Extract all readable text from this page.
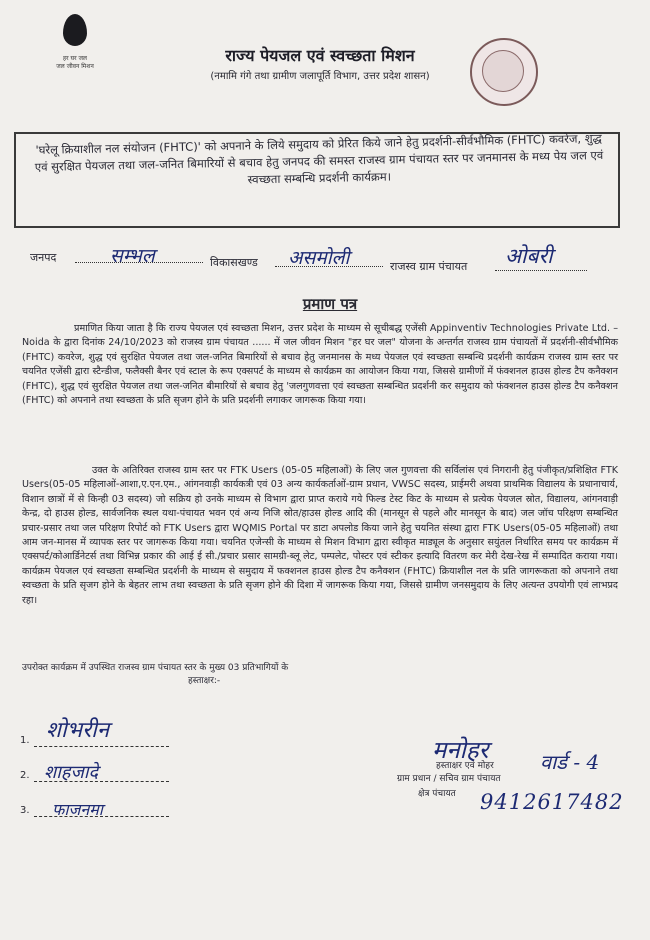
हर घर जल
जल जीवन मिशन
राज्य पेयजल एवं स्वच्छता मिशन
(नमामि गंगे तथा ग्रामीण जलापूर्ति विभाग, उत्तर प्रदेश शासन)
'घरेलू क्रियाशील नल संयोजन (FHTC)' को अपनाने के लिये समुदाय को प्रेरित किये जाने हेतु प्रदर्शनी-सीर्वभौमिक (FHTC) कवरेज, शुद्ध एवं सुरक्षित पेयजल तथा जल-जनित बिमारियों से बचाव हेतु जनपद की समस्त राजस्व ग्राम पंचायत स्तर पर जनमानस के मध्य पेय जल एवं स्वच्छता सम्बन्धि प्रदर्शनी कार्यक्रम।
जनपद	सम्भल	विकासखण्ड असमोली	राजस्व ग्राम पंचायत ओबरी
प्रमाण पत्र
प्रमाणित किया जाता है कि राज्य पेयजल एवं स्वच्छता मिशन, उत्तर प्रदेश के माध्यम से सूचीबद्ध एजेंसी Appinventiv Technologies Private Ltd. – Noida के द्वारा दिनांक 24/10/2023 को राजस्व ग्राम पंचायत ...... में जल जीवन मिशन "हर घर जल" योजना के अन्तर्गत राजस्व ग्राम पंचायतों में प्रदर्शनी-सीर्वभौमिक (FHTC) कवरेज, शुद्ध एवं सुरक्षित पेयजल तथा जल-जनित बिमारियों से बचाव हेतु जनमानस के मध्य पेयजल एवं स्वच्छता सम्बन्धि प्रदर्शनी कार्यक्रम राजस्व ग्राम स्तर पर चयनित एजेंसी द्वारा स्टैन्डीज, फलैक्सी बैनर एवं स्टाल के रूप एक्सपर्ट के माध्यम से कार्यक्रम का आयोजन किया गया, जिससे ग्रामीणों में फंक्शनल हाउस होल्ड टैप कनैक्शन (FHTC), शुद्ध एवं सुरक्षित पेयजल तथा जल-जनित बीमारियों से बचाव हेतु 'जलगुणवत्ता एवं स्वच्छता सम्बन्धित प्रदर्शनी कर समुदाय को फंक्शनल हाउस होल्ड टैप कनैक्शन (FHTC) को अपनाने तथा स्वच्छता के प्रति सृजग होने के प्रति प्रदर्शनी लगाकर जागरूक किया गया।
उक्त के अतिरिक्त राजस्व ग्राम स्तर पर FTK Users (05-05 महिलाओं) के लिए जल गुणवत्ता की सर्विलांस एवं निगरानी हेतु पंजीकृत/प्रशिक्षित FTK Users(05-05 महिलाओं-आशा,ए.एन.एम., आंगनवाड़ी कार्यकत्री एवं 03 अन्य कार्यकर्ताओं-ग्राम प्रधान, VWSC सदस्य, प्राईमरी अथवा प्राथमिक विद्यालय के प्रधानाचार्य, विशान छात्रों में से किन्ही 03 सदस्य) जो सक्रिय हो उनके माध्यम से विभाग द्वारा प्राप्त कराये गये फिल्ड टेस्ट किट के माध्यम से प्रत्येक पेयजल स्रोत, विद्यालय, आंगनवाड़ी केन्द्र, दो हाउस होल्ड, सार्वजनिक स्थल यथा-पंचायत भवन एवं अन्य निजि स्रोत/हाउस होल्ड आदि की (मानसून से पहले और मानसून के बाद) जल जॉच परिक्षण सम्बन्धित प्रचार-प्रसार तथा जल परिक्षण रिपोर्ट को FTK Users द्वारा WQMIS Portal पर डाटा अपलोड किया जाने हेतु चयनित संस्था द्वारा FTK Users(05-05 महिलाओं) तथा आम जन-मानस में व्यापक स्तर पर जागरूक किया गया। चयनित एजेन्सी के माध्यम से मिशन विभाग द्वारा स्वीकृत माड्यूल के अनुसार सयुंतल निर्धारित समय पर कार्यक्रम में एक्सपर्ट/कोआर्डिनेटर्स तथा विभिन्न प्रकार की आई ई सी./प्रचार प्रसार सामग्री-ब्लू लेट, पम्पलेट, पोस्टर एवं स्टीकर इत्यादि वितरण कर मेरी देख-रेख में सम्पादित कराया गया। कार्यक्रम पेयजल एवं स्वच्छता सम्बन्धित प्रदर्शनी के माध्यम से समुदाय में फक्शनल हाउस होल्ड टैप कनैक्शन (FHTC) क्रियाशील नल के प्रति जागरूकता को अपनाने तथा स्वच्छता के प्रति सृजग होने के बेहतर लाभ तथा स्वच्छता के प्रति सृजग होने की दिशा में जागरूक किया गया, जिससे ग्रामीण जनसमुदाय के लिए अत्यन्त उपयोगी एवं लाभप्रद रहा।
उपरोक्त कार्यक्रम में उपस्थित राजस्व ग्राम पंचायत स्तर के मुख्य 03 प्रतिभागियों के
हस्ताक्षर:-
1. शोभरीन
2. शाहजादे
3. फाजनमा
मनोहर	वार्ड - 4
हस्ताक्षर एवं मोहर
ग्राम प्रधान / सचिव ग्राम पंचायत
क्षेत्र पंचायत 9412617482
